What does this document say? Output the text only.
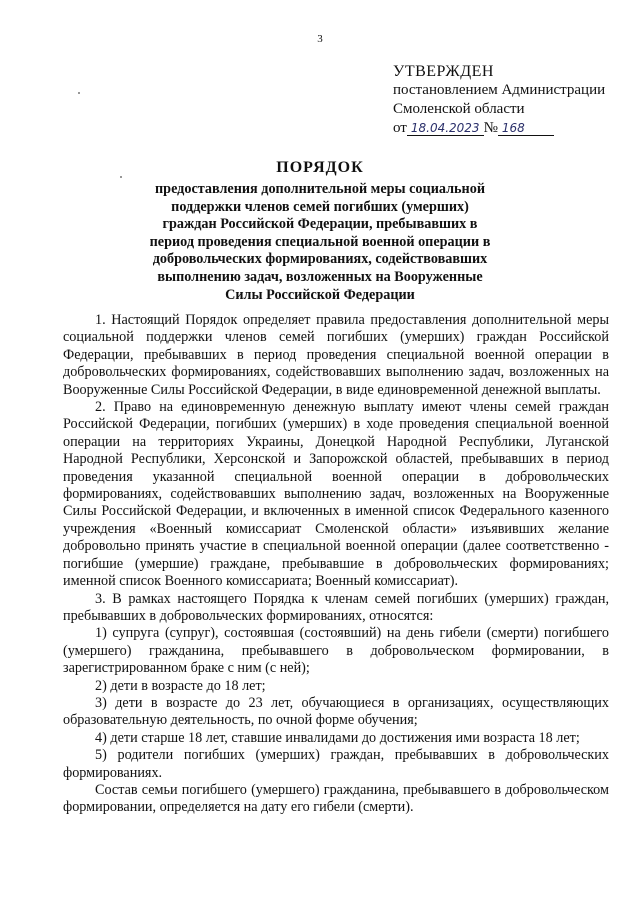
3
УТВЕРЖДЕН
постановлением Администрации
Смоленской области
от 18.04.2023 № 168
ПОРЯДОК
предоставления дополнительной меры социальной
поддержки членов семей погибших (умерших)
граждан Российской Федерации, пребывавших в
период проведения специальной военной операции в
добровольческих формированиях, содействовавших
выполнению задач, возложенных на Вооруженные
Силы Российской Федерации

1. Настоящий Порядок определяет правила предоставления дополнительной меры социальной поддержки членов семей погибших (умерших) граждан Российской Федерации, пребывавших в период проведения специальной военной операции в добровольческих формированиях, содействовавших выполнению задач, возложенных на Вооруженные Силы Российской Федерации, в виде единовременной денежной выплаты.

2. Право на единовременную денежную выплату имеют члены семей граждан Российской Федерации, погибших (умерших) в ходе проведения специальной военной операции на территориях Украины, Донецкой Народной Республики, Луганской Народной Республики, Херсонской и Запорожской областей, пребывавших в период проведения указанной специальной военной операции в добровольческих формированиях, содействовавших выполнению задач, возложенных на Вооруженные Силы Российской Федерации, и включенных в именной список Федерального казенного учреждения «Военный комиссариат Смоленской области» изъявивших желание добровольно принять участие в специальной военной операции (далее соответственно - погибшие (умершие) граждане, пребывавшие в добровольческих формированиях; именной список Военного комиссариата; Военный комиссариат).

3. В рамках настоящего Порядка к членам семей погибших (умерших) граждан, пребывавших в добровольческих формированиях, относятся:

1) супруга (супруг), состоявшая (состоявший) на день гибели (смерти) погибшего (умершего) гражданина, пребывавшего в добровольческом формировании, в зарегистрированном браке с ним (с ней);

2) дети в возрасте до 18 лет;

3) дети в возрасте до 23 лет, обучающиеся в организациях, осуществляющих образовательную деятельность, по очной форме обучения;

4) дети старше 18 лет, ставшие инвалидами до достижения ими возраста 18 лет;

5) родители погибших (умерших) граждан, пребывавших в добровольческих формированиях.

Состав семьи погибшего (умершего) гражданина, пребывавшего в добровольческом формировании, определяется на дату его гибели (смерти).
